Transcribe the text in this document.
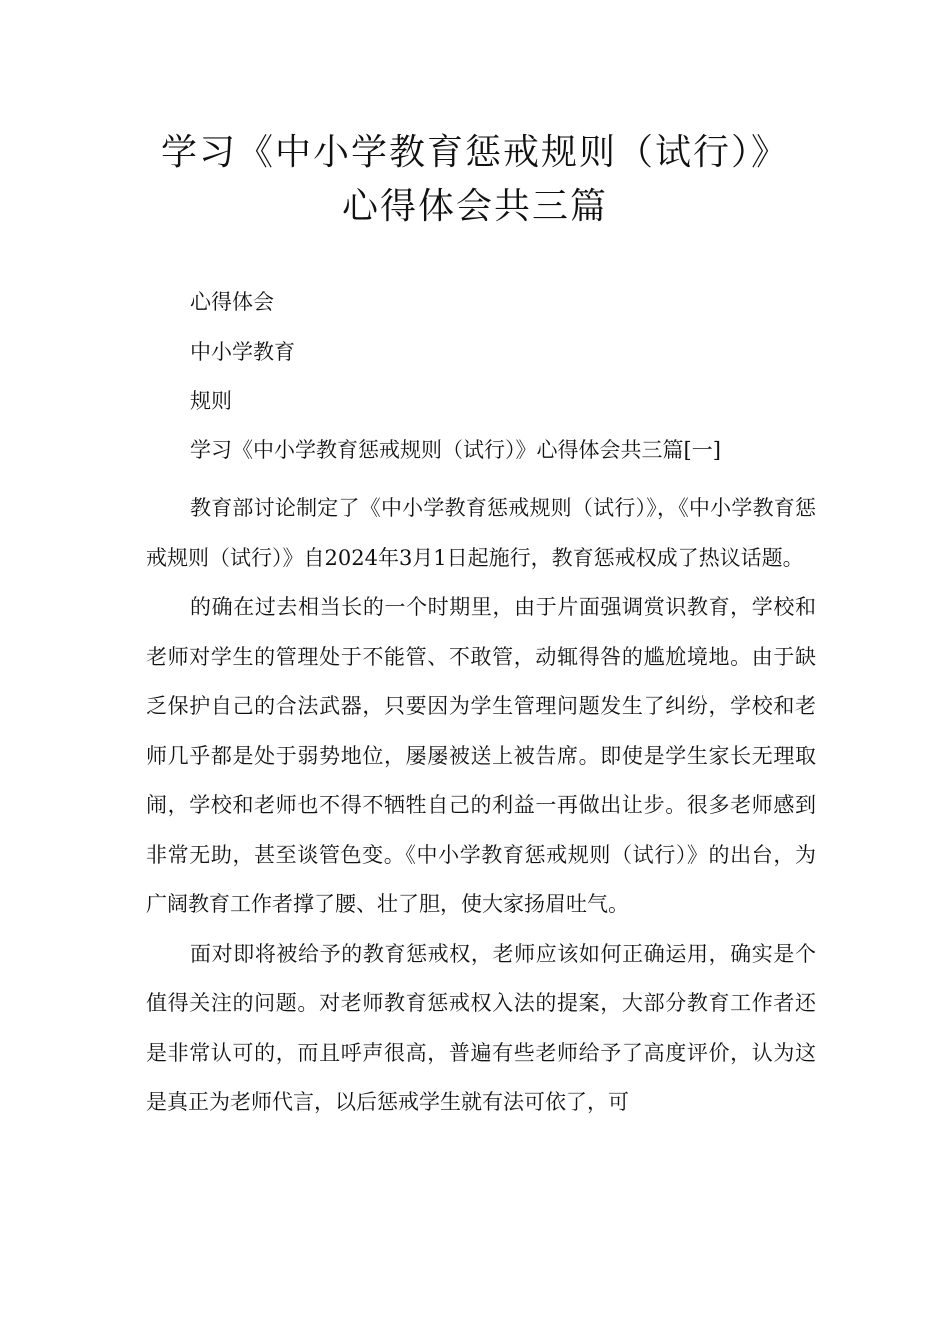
学习《中小学教育惩戒规则（试行）》
心得体会共三篇

心得体会

中小学教育

规则

学习《中小学教育惩戒规则（试行）》心得体会共三篇[一]

教育部讨论制定了《中小学教育惩戒规则（试行）》，《中小学教育惩戒规则（试行）》自2024年3月1日起施行，教育惩戒权成了热议话题。

的确在过去相当长的一个时期里，由于片面强调赏识教育，学校和老师对学生的管理处于不能管、不敢管，动辄得咎的尴尬境地。由于缺乏保护自己的合法武器，只要因为学生管理问题发生了纠纷，学校和老师几乎都是处于弱势地位，屡屡被送上被告席。即使是学生家长无理取闹，学校和老师也不得不牺牲自己的利益一再做出让步。很多老师感到非常无助，甚至谈管色变。《中小学教育惩戒规则（试行）》的出台，为广阔教育工作者撑了腰、壮了胆，使大家扬眉吐气。

面对即将被给予的教育惩戒权，老师应该如何正确运用，确实是个值得关注的问题。对老师教育惩戒权入法的提案，大部分教育工作者还是非常认可的，而且呼声很高，普遍有些老师给予了高度评价，认为这是真正为老师代言，以后惩戒学生就有法可依了，可
